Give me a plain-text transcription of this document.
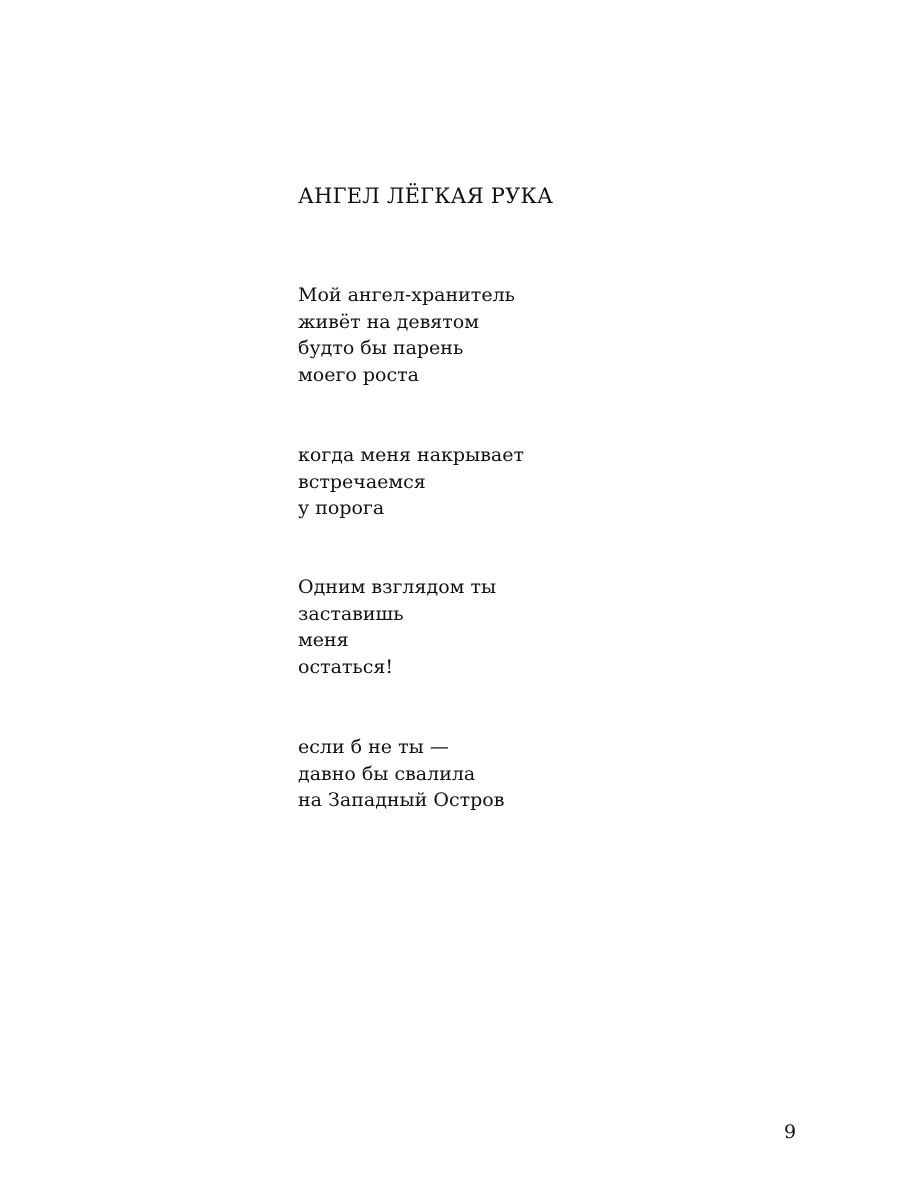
АНГЕЛ ЛЁГКАЯ РУКА

Мой ангел-хранитель
живёт на девятом
будто бы парень
моего роста

когда меня накрывает
встречаемся
у порога

Одним взглядом ты
заставишь
меня
остаться!

если б не ты —
давно бы свалила
на Западный Остров

9
